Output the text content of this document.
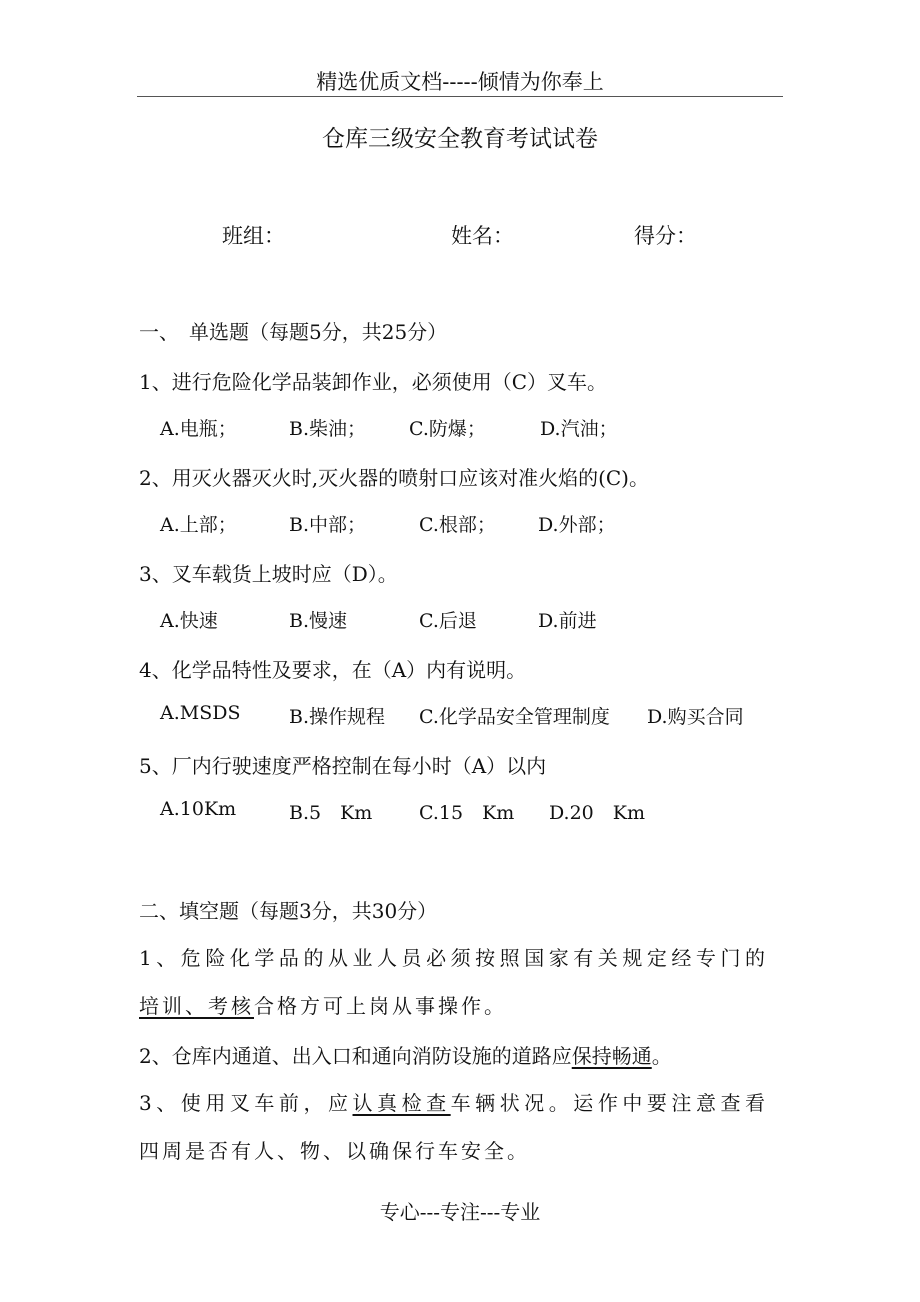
精选优质文档-----倾情为你奉上
仓库三级安全教育考试试卷
班组：	姓名：	得分：
一、　单选题（每题5分，共25分）
1、进行危险化学品装卸作业，必须使用（C）叉车。
A.电瓶；	B.柴油； C.防爆；	D.汽油；
2、用灭火器灭火时,灭火器的喷射口应该对准火焰的(C)。
A.上部；	B.中部；	C.根部； D.外部；
3、叉车载货上坡时应（D）。
A.快速	B.慢速	C.后退	D.前进
4、化学品特性及要求，在（A）内有说明。
A.MSDS	B.操作规程 C.化学品安全管理制度 D.购买合同
5、厂内行驶速度严格控制在每小时（A）以内
A.10Km	B.5　Km C.15　Km D.20　Km
二、填空题（每题3分，共30分）
1、危险化学品的从业人员必须按照国家有关规定经专门的
培训、考核合格方可上岗从事操作。
2、仓库内通道、出入口和通向消防设施的道路应保持畅通。
3、使用叉车前，应认真检查车辆状况。运作中要注意查看
四周是否有人、物、以确保行车安全。
专心---专注---专业
